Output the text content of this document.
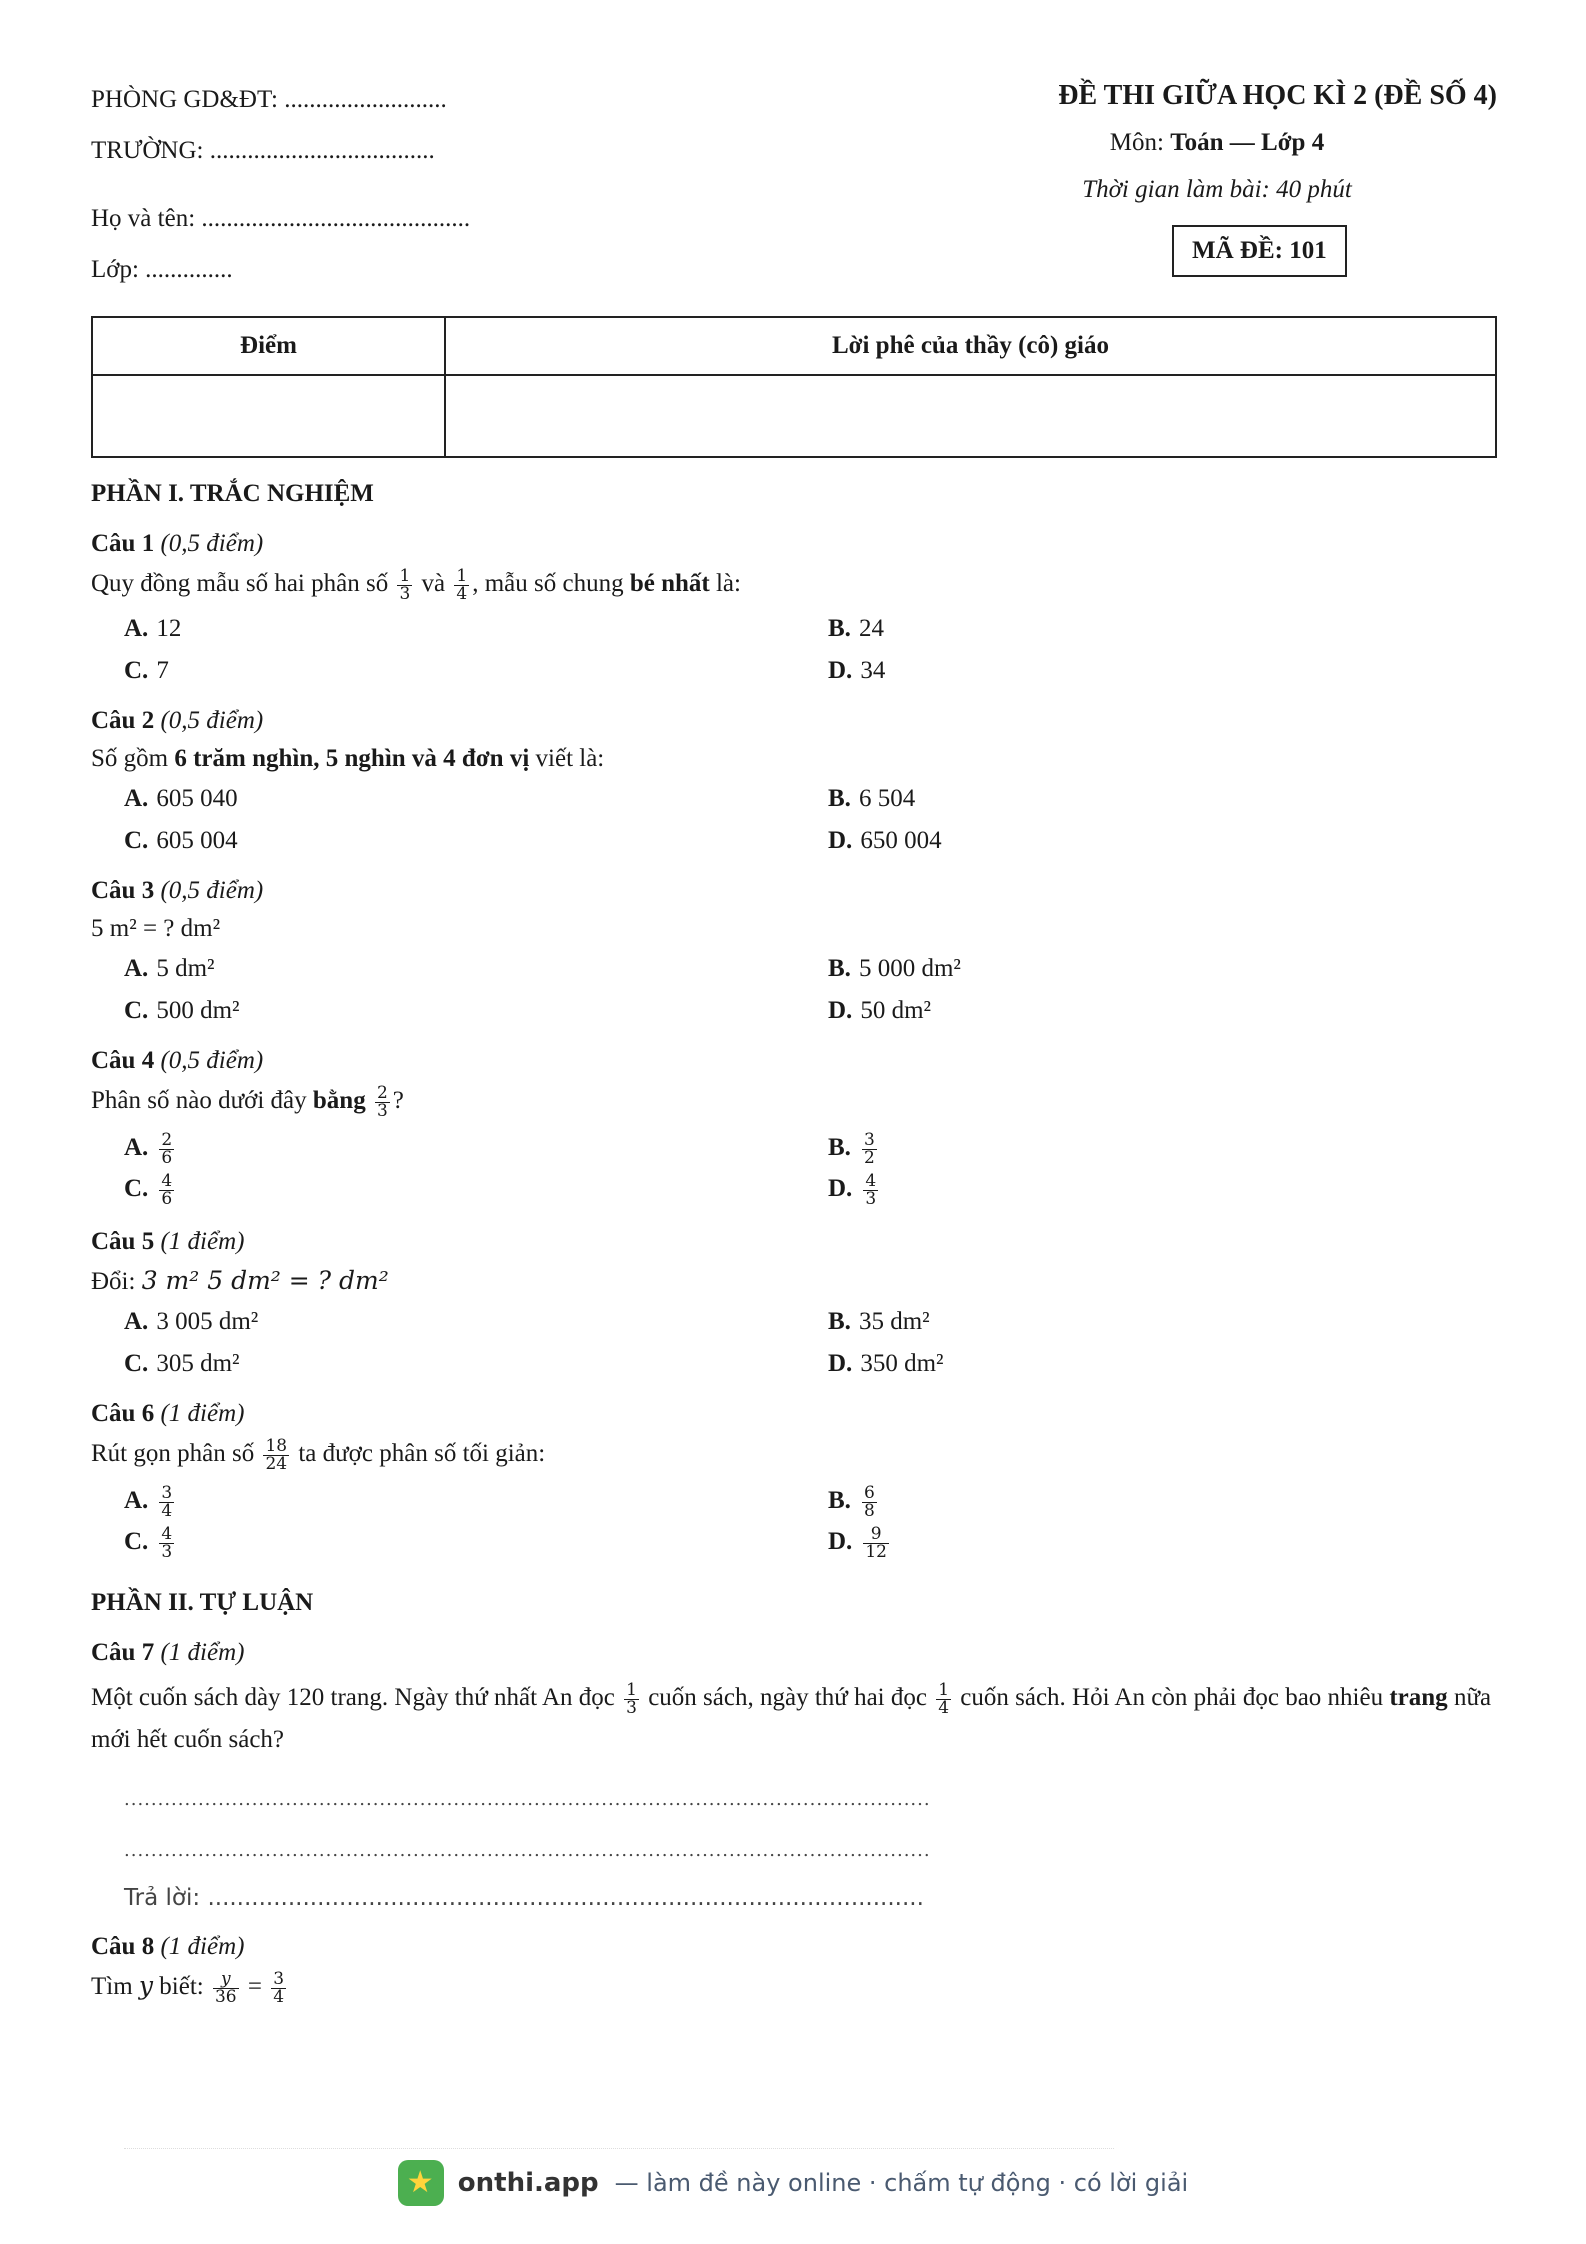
PHÒNG GD&ĐT: ..........................
TRƯỜNG: ....................................
Họ và tên: ...........................................
Lớp: ..............
ĐỀ THI GIỮA HỌC KÌ 2 (ĐỀ SỐ 4)
Môn: Toán — Lớp 4
Thời gian làm bài: 40 phút
MÃ ĐỀ: 101
Điểm	Lời phê của thầy (cô) giáo

PHẦN I. TRẮC NGHIỆM
Câu 1 (0,5 điểm)
Quy đồng mẫu số hai phân số $\frac{1}{3}$ và $\frac{1}{4}$ , mẫu số chung bé nhất là:
A. 12	B. 24
C. 7	D. 34
Câu 2 (0,5 điểm)
Số gồm 6 trăm nghìn, 5 nghìn và 4 đơn vị viết là:
A. 605 040	B. 6 504
C. 605 004	D. 650 004
Câu 3 (0,5 điểm)
5 m² = ? dm²
A. 5 dm²	B. 5 000 dm²
C. 500 dm²	D. 50 dm²
Câu 4 (0,5 điểm)
Phân số nào dưới đây bằng $\frac{2}{3}$ ?
A. $\frac{2}{6}$	B. $\frac{3}{2}$
C. $\frac{4}{6}$	D. $\frac{4}{3}$
Câu 5 (1 điểm)
Đổi: 3 m² 5 dm² = ? dm²
A. 3 005 dm²	B. 35 dm²
C. 305 dm²	D. 350 dm²
Câu 6 (1 điểm)
Rút gọn phân số $\frac{18}{24}$ ta được phân số tối giản:
A. $\frac{3}{4}$	B. $\frac{6}{8}$
C. $\frac{4}{3}$	D. $\frac{9}{12}$
PHẦN II. TỰ LUẬN
Câu 7 (1 điểm)
Một cuốn sách dày 120 trang. Ngày thứ nhất An đọc $\frac{1}{3}$ cuốn sách, ngày thứ hai đọc $\frac{1}{4}$ cuốn sách. Hỏi An còn phải đọc bao nhiêu trang nữa mới hết cuốn sách?
........................................................................................................................
........................................................................................................................
Trả lời: ..................................................................................................
Câu 8 (1 điểm)
Tìm y biết: $\frac{y}{36} = \frac{3}{4}$
★ onthi.app — làm đề này online · chấm tự động · có lời giải
